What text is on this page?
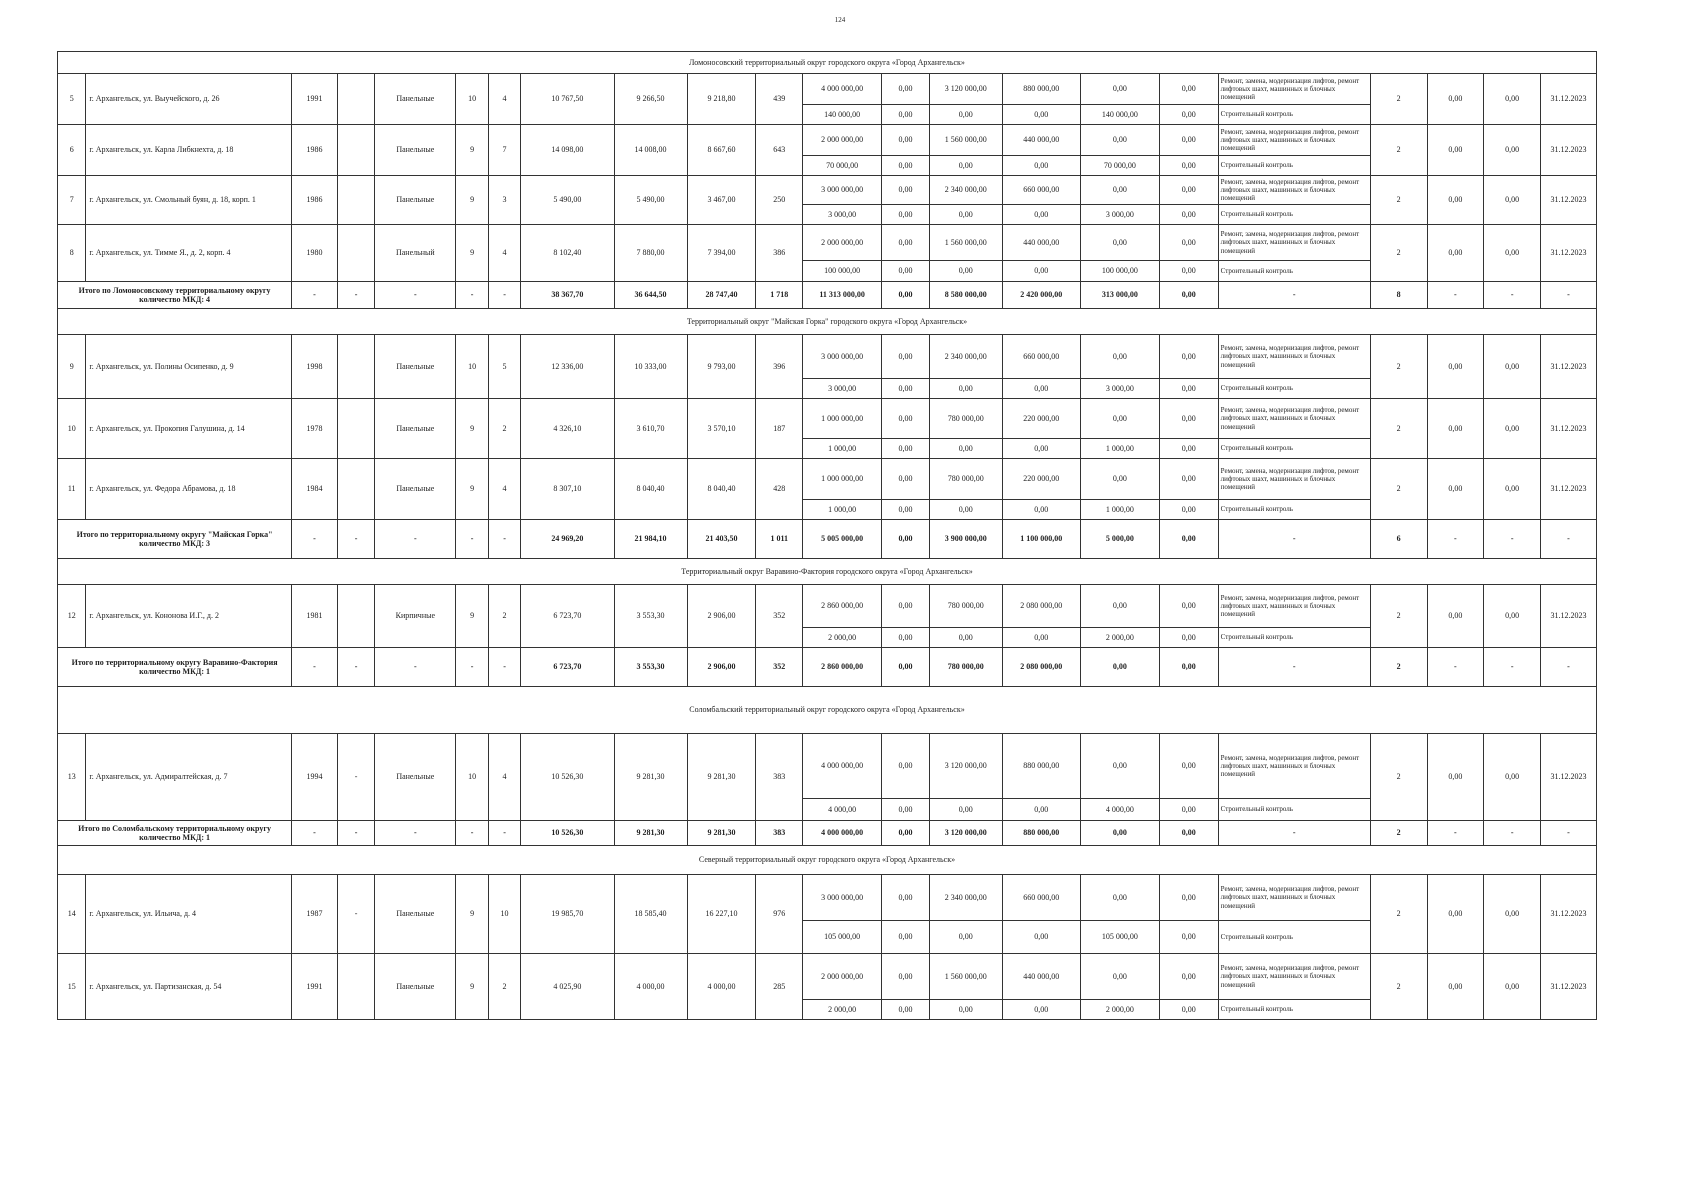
124
Ломоносовский территориальный округ городского округа «Город Архангельск»																					
5	г. Архангельск, ул. Выучейского, д. 26	1991		Панельные	10	4	10 767,50	9 266,50	9 218,80	439	4 000 000,00	0,00	3 120 000,00	880 000,00	0,00	0,00	Ремонт, замена, модернизация лифтов, ремонт лифтовых шахт, машинных и блочных помещений	2	0,00	0,00	31.12.2023
											140 000,00	0,00	0,00	0,00	140 000,00	0,00	Строительный контроль				
6	г. Архангельск, ул. Карла Либкнехта, д. 18	1986		Панельные	9	7	14 098,00	14 008,00	8 667,60	643	2 000 000,00	0,00	1 560 000,00	440 000,00	0,00	0,00	Ремонт, замена, модернизация лифтов, ремонт лифтовых шахт, машинных и блочных помещений	2	0,00	0,00	31.12.2023
											70 000,00	0,00	0,00	0,00	70 000,00	0,00	Строительный контроль				
7	г. Архангельск, ул. Смольный буян, д. 18, корп. 1	1986		Панельные	9	3	5 490,00	5 490,00	3 467,00	250	3 000 000,00	0,00	2 340 000,00	660 000,00	0,00	0,00	Ремонт, замена, модернизация лифтов, ремонт лифтовых шахт, машинных и блочных помещений	2	0,00	0,00	31.12.2023
											3 000,00	0,00	0,00	0,00	3 000,00	0,00	Строительный контроль				
8	г. Архангельск, ул. Тимме Я., д. 2, корп. 4	1980		Панельный	9	4	8 102,40	7 880,00	7 394,00	386	2 000 000,00	0,00	1 560 000,00	440 000,00	0,00	0,00	Ремонт, замена, модернизация лифтов, ремонт лифтовых шахт, машинных и блочных помещений	2	0,00	0,00	31.12.2023
											100 000,00	0,00	0,00	0,00	100 000,00	0,00	Строительный контроль				
Итого по Ломоносовскому территориальному округу количество МКД: 4		-	-	-	-	-	38 367,70	36 644,50	28 747,40	1 718	11 313 000,00	0,00	8 580 000,00	2 420 000,00	313 000,00	0,00	-	8	-	-	-
Территориальный округ "Майская Горка" городского округа «Город Архангельск»																					
9	г. Архангельск, ул. Полины Осипенко, д. 9	1998		Панельные	10	5	12 336,00	10 333,00	9 793,00	396	3 000 000,00	0,00	2 340 000,00	660 000,00	0,00	0,00	Ремонт, замена, модернизация лифтов, ремонт лифтовых шахт, машинных и блочных помещений	2	0,00	0,00	31.12.2023
											3 000,00	0,00	0,00	0,00	3 000,00	0,00	Строительный контроль				
10	г. Архангельск, ул. Прокопия Галушина, д. 14	1978		Панельные	9	2	4 326,10	3 610,70	3 570,10	187	1 000 000,00	0,00	780 000,00	220 000,00	0,00	0,00	Ремонт, замена, модернизация лифтов, ремонт лифтовых шахт, машинных и блочных помещений	2	0,00	0,00	31.12.2023
											1 000,00	0,00	0,00	0,00	1 000,00	0,00	Строительный контроль				
11	г. Архангельск, ул. Федора Абрамова, д. 18	1984		Панельные	9	4	8 307,10	8 040,40	8 040,40	428	1 000 000,00	0,00	780 000,00	220 000,00	0,00	0,00	Ремонт, замена, модернизация лифтов, ремонт лифтовых шахт, машинных и блочных помещений	2	0,00	0,00	31.12.2023
											1 000,00	0,00	0,00	0,00	1 000,00	0,00	Строительный контроль				
Итого по территориальному округу "Майская Горка" количество МКД: 3		-	-	-	-	-	24 969,20	21 984,10	21 403,50	1 011	5 005 000,00	0,00	3 900 000,00	1 100 000,00	5 000,00	0,00	-	6	-	-	-
Территориальный округ Варавино-Фактория городского округа «Город Архангельск»																					
12	г. Архангельск, ул. Кононова И.Г., д. 2	1981		Кирпичные	9	2	6 723,70	3 553,30	2 906,00	352	2 860 000,00	0,00	780 000,00	2 080 000,00	0,00	0,00	Ремонт, замена, модернизация лифтов, ремонт лифтовых шахт, машинных и блочных помещений	2	0,00	0,00	31.12.2023
											2 000,00	0,00	0,00	0,00	2 000,00	0,00	Строительный контроль				
Итого по территориальному округу Варавино-Фактория количество МКД: 1		-	-	-	-	-	6 723,70	3 553,30	2 906,00	352	2 860 000,00	0,00	780 000,00	2 080 000,00	0,00	0,00	-	2	-	-	-
Соломбальский территориальный округ городского округа «Город Архангельск»																					
13	г. Архангельск, ул. Адмиралтейская, д. 7	1994	-	Панельные	10	4	10 526,30	9 281,30	9 281,30	383	4 000 000,00	0,00	3 120 000,00	880 000,00	0,00	0,00	Ремонт, замена, модернизация лифтов, ремонт лифтовых шахт, машинных и блочных помещений	2	0,00	0,00	31.12.2023
											4 000,00	0,00	0,00	0,00	4 000,00	0,00	Строительный контроль				
Итого по Соломбальскому территориальному округу количество МКД: 1		-	-	-	-	-	10 526,30	9 281,30	9 281,30	383	4 000 000,00	0,00	3 120 000,00	880 000,00	0,00	0,00	-	2	-	-	-
Северный территориальный округ городского округа «Город Архангельск»																					
14	г. Архангельск, ул. Ильича, д. 4	1987	-	Панельные	9	10	19 985,70	18 585,40	16 227,10	976	3 000 000,00	0,00	2 340 000,00	660 000,00	0,00	0,00	Ремонт, замена, модернизация лифтов, ремонт лифтовых шахт, машинных и блочных помещений	2	0,00	0,00	31.12.2023
											105 000,00	0,00	0,00	0,00	105 000,00	0,00	Строительный контроль				
15	г. Архангельск, ул. Партизанская, д. 54	1991		Панельные	9	2	4 025,90	4 000,00	4 000,00	285	2 000 000,00	0,00	1 560 000,00	440 000,00	0,00	0,00	Ремонт, замена, модернизация лифтов, ремонт лифтовых шахт, машинных и блочных помещений	2	0,00	0,00	31.12.2023
											2 000,00	0,00	0,00	0,00	2 000,00	0,00	Строительный контроль				
